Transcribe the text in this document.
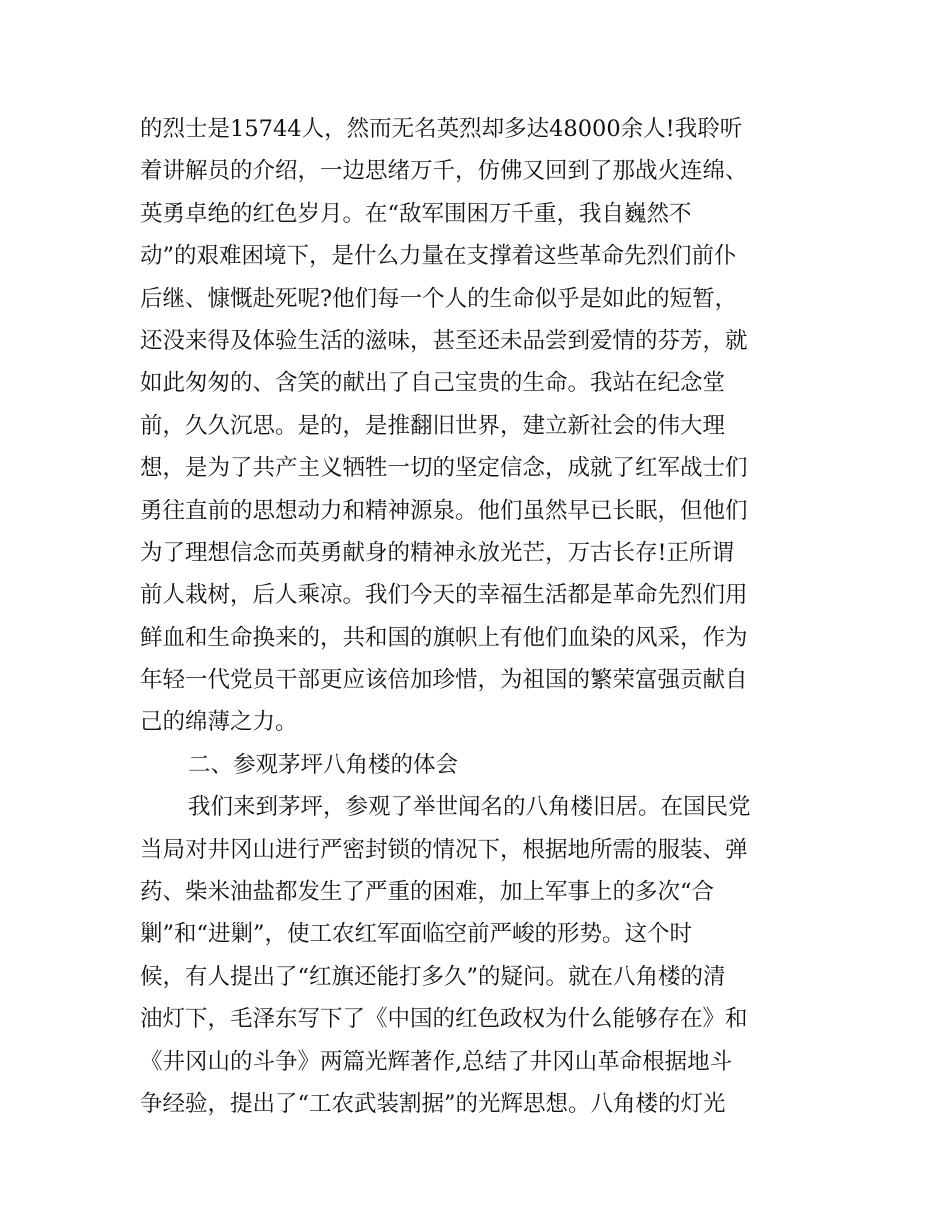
的烈士是15744人，然而无名英烈却多达48000余人!我聆听
着讲解员的介绍，一边思绪万千，仿佛又回到了那战火连绵、
英勇卓绝的红色岁月。在“敌军围困万千重，我自巍然不
动”的艰难困境下，是什么力量在支撑着这些革命先烈们前仆
后继、慷慨赴死呢?他们每一个人的生命似乎是如此的短暂，
还没来得及体验生活的滋味，甚至还未品尝到爱情的芬芳，就
如此匆匆的、含笑的献出了自己宝贵的生命。我站在纪念堂
前，久久沉思。是的，是推翻旧世界，建立新社会的伟大理
想，是为了共产主义牺牲一切的坚定信念，成就了红军战士们
勇往直前的思想动力和精神源泉。他们虽然早已长眠，但他们
为了理想信念而英勇献身的精神永放光芒，万古长存!正所谓
前人栽树，后人乘凉。我们今天的幸福生活都是革命先烈们用
鲜血和生命换来的，共和国的旗帜上有他们血染的风采，作为
年轻一代党员干部更应该倍加珍惜，为祖国的繁荣富强贡献自
己的绵薄之力。
二、参观茅坪八角楼的体会
我们来到茅坪，参观了举世闻名的八角楼旧居。在国民党
当局对井冈山进行严密封锁的情况下，根据地所需的服装、弹
药、柴米油盐都发生了严重的困难，加上军事上的多次“合
剿”和“进剿”，使工农红军面临空前严峻的形势。这个时
候，有人提出了“红旗还能打多久”的疑问。就在八角楼的清
油灯下，毛泽东写下了《中国的红色政权为什么能够存在》和
《井冈山的斗争》两篇光辉著作,总结了井冈山革命根据地斗
争经验，提出了“工农武装割据”的光辉思想。八角楼的灯光
